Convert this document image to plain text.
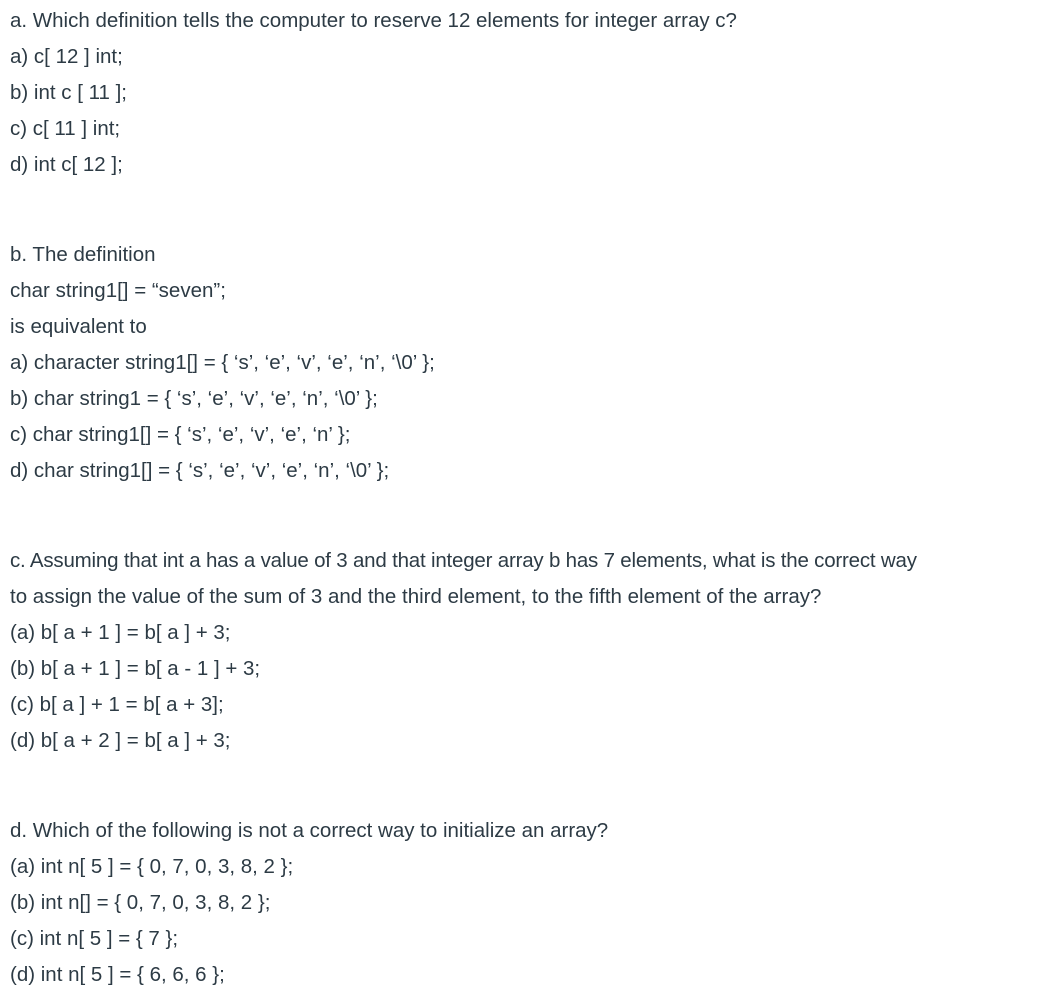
a. Which definition tells the computer to reserve 12 elements for integer array c?
a) c[ 12 ] int;
b) int c [ 11 ];
c) c[ 11 ] int;
d) int c[ 12 ];
b. The definition
char string1[] = “seven”;
is equivalent to
a) character string1[] = { ‘s’, ‘e’, ‘v’, ‘e’, ‘n’, ‘\0’ };
b) char string1 = { ‘s’, ‘e’, ‘v’, ‘e’, ‘n’, ‘\0’ };
c) char string1[] = { ‘s’, ‘e’, ‘v’, ‘e’, ‘n’ };
d) char string1[] = { ‘s’, ‘e’, ‘v’, ‘e’, ‘n’, ‘\0’ };
c. Assuming that int a has a value of 3 and that integer array b has 7 elements, what is the correct way
to assign the value of the sum of 3 and the third element, to the fifth element of the array?
(a) b[ a + 1 ] = b[ a ] + 3;
(b) b[ a + 1 ] = b[ a - 1 ] + 3;
(c) b[ a ] + 1 = b[ a + 3];
(d) b[ a + 2 ] = b[ a ] + 3;
d. Which of the following is not a correct way to initialize an array?
(a) int n[ 5 ] = { 0, 7, 0, 3, 8, 2 };
(b) int n[] = { 0, 7, 0, 3, 8, 2 };
(c) int n[ 5 ] = { 7 };
(d) int n[ 5 ] = { 6, 6, 6 };
